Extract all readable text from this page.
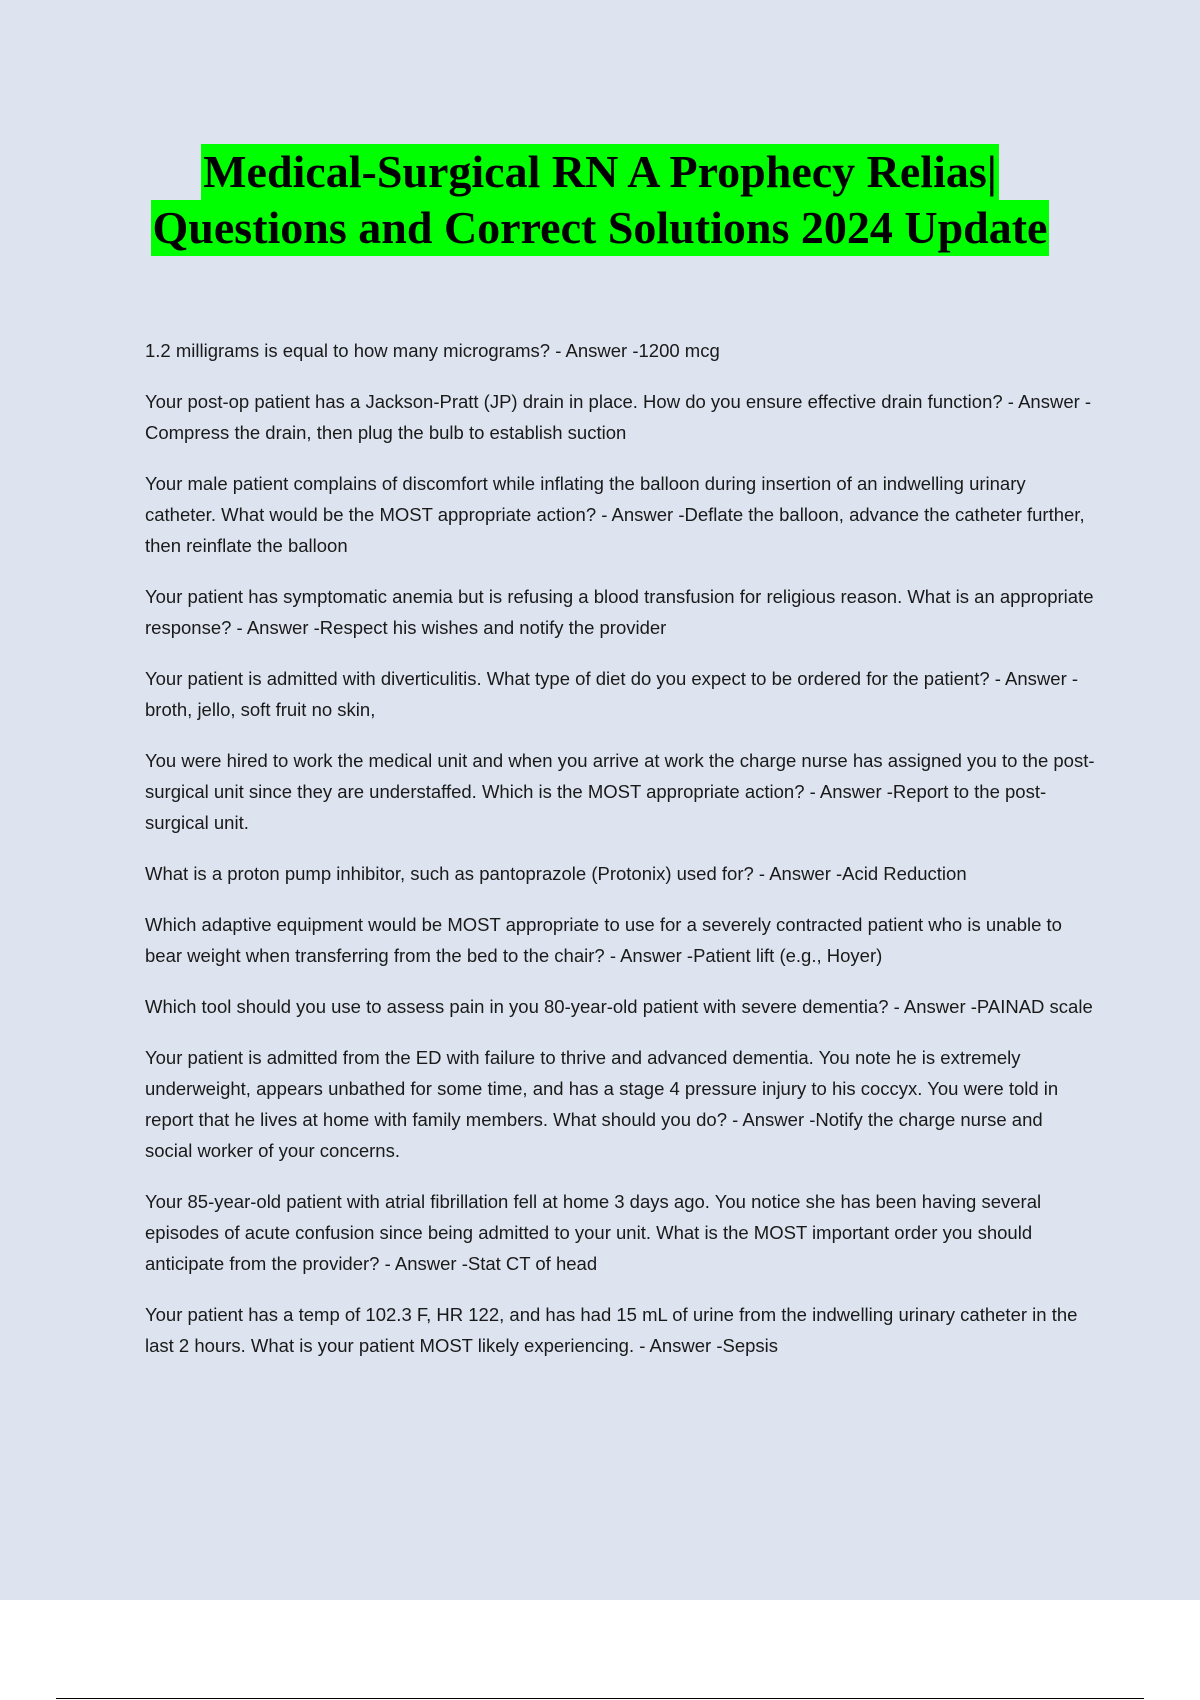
Medical-Surgical RN A Prophecy Relias|
Questions and Correct Solutions 2024 Update

1.2 milligrams is equal to how many micrograms? - Answer -1200 mcg

Your post-op patient has a Jackson-Pratt (JP) drain in place. How do you ensure effective drain function? - Answer -Compress the drain, then plug the bulb to establish suction

Your male patient complains of discomfort while inflating the balloon during insertion of an indwelling urinary catheter. What would be the MOST appropriate action? - Answer -Deflate the balloon, advance the catheter further, then reinflate the balloon

Your patient has symptomatic anemia but is refusing a blood transfusion for religious reason. What is an appropriate response? - Answer -Respect his wishes and notify the provider

Your patient is admitted with diverticulitis. What type of diet do you expect to be ordered for the patient? - Answer -broth, jello, soft fruit no skin,

You were hired to work the medical unit and when you arrive at work the charge nurse has assigned you to the post-surgical unit since they are understaffed. Which is the MOST appropriate action? - Answer -Report to the post-surgical unit.

What is a proton pump inhibitor, such as pantoprazole (Protonix) used for? - Answer -Acid Reduction

Which adaptive equipment would be MOST appropriate to use for a severely contracted patient who is unable to bear weight when transferring from the bed to the chair? - Answer -Patient lift (e.g., Hoyer)

Which tool should you use to assess pain in you 80-year-old patient with severe dementia? - Answer -PAINAD scale

Your patient is admitted from the ED with failure to thrive and advanced dementia. You note he is extremely underweight, appears unbathed for some time, and has a stage 4 pressure injury to his coccyx. You were told in report that he lives at home with family members. What should you do? - Answer -Notify the charge nurse and social worker of your concerns.

Your 85-year-old patient with atrial fibrillation fell at home 3 days ago. You notice she has been having several episodes of acute confusion since being admitted to your unit. What is the MOST important order you should anticipate from the provider? - Answer -Stat CT of head

Your patient has a temp of 102.3 F, HR 122, and has had 15 mL of urine from the indwelling urinary catheter in the last 2 hours. What is your patient MOST likely experiencing. - Answer -Sepsis
